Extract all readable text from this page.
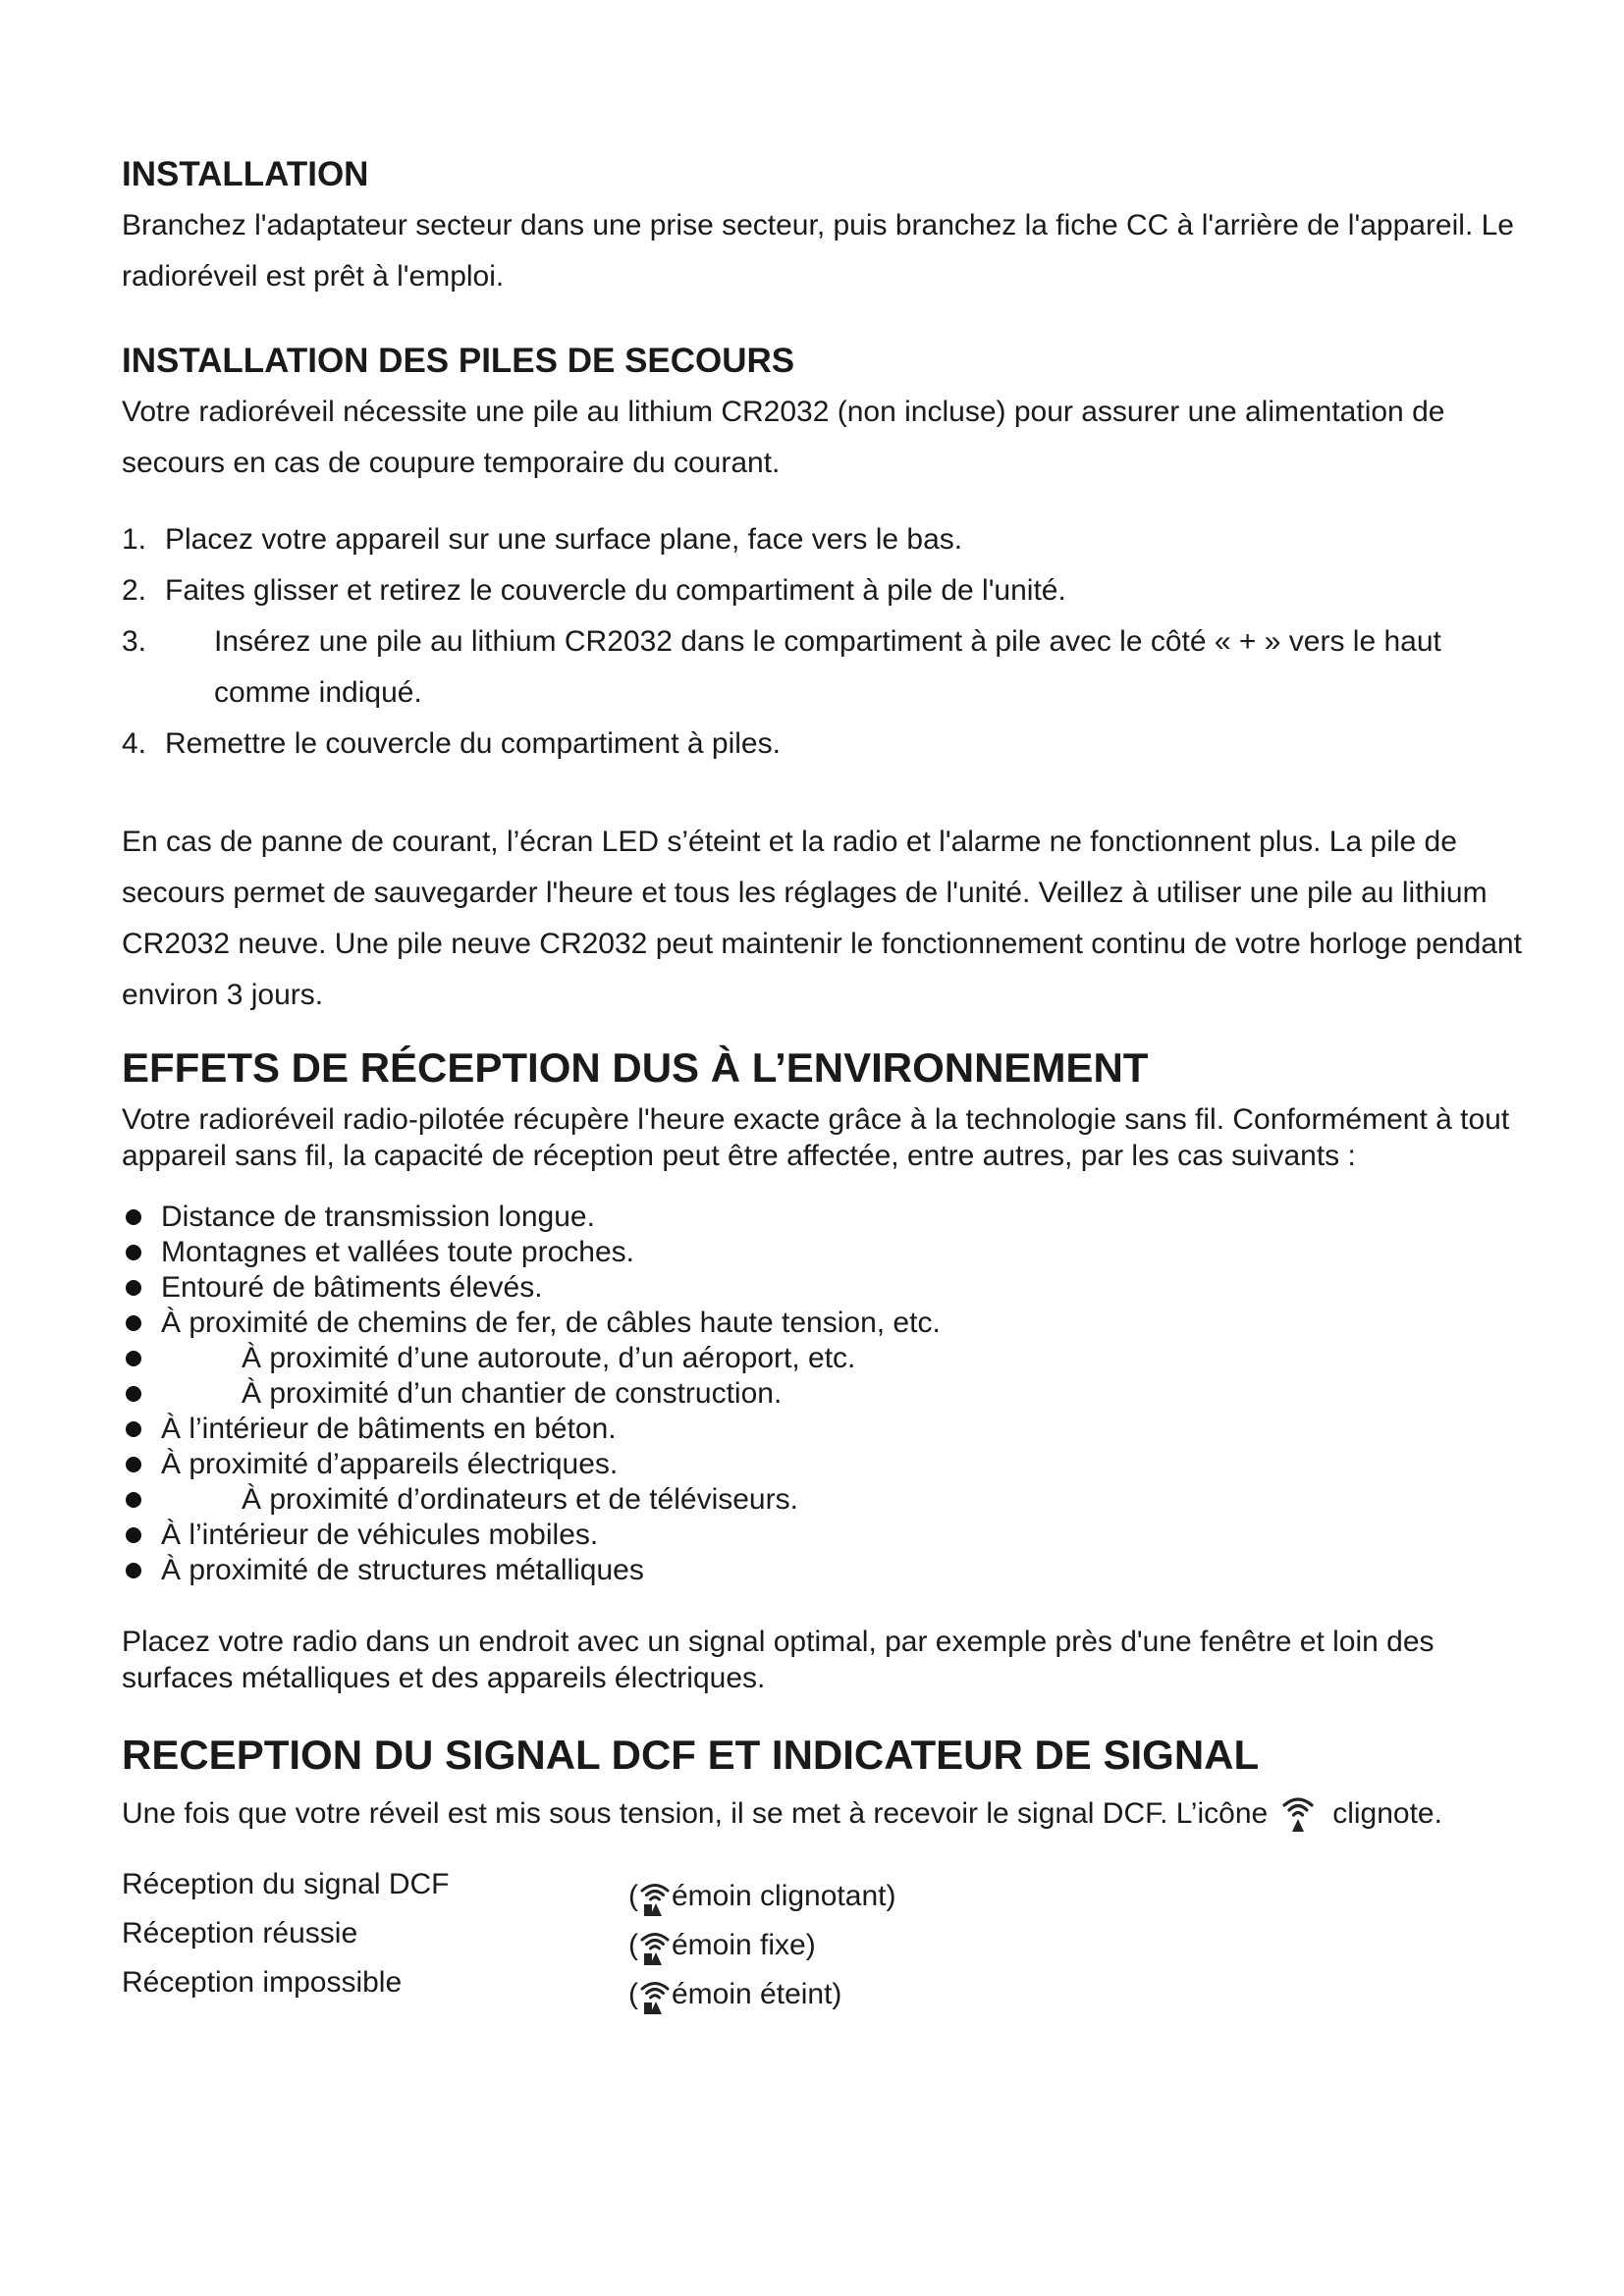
INSTALLATION

Branchez l'adaptateur secteur dans une prise secteur, puis branchez la fiche CC à l'arrière de l'appareil. Le radioréveil est prêt à l'emploi.

INSTALLATION DES PILES DE SECOURS

Votre radioréveil nécessite une pile au lithium CR2032 (non incluse) pour assurer une alimentation de secours en cas de coupure temporaire du courant.

1. Placez votre appareil sur une surface plane, face vers le bas.
2. Faites glisser et retirez le couvercle du compartiment à pile de l'unité.
3.	Insérez une pile au lithium CR2032 dans le compartiment à pile avec le côté « + » vers le haut comme indiqué.
4. Remettre le couvercle du compartiment à piles.

En cas de panne de courant, l’écran LED s’éteint et la radio et l'alarme ne fonctionnent plus. La pile de secours permet de sauvegarder l'heure et tous les réglages de l'unité. Veillez à utiliser une pile au lithium CR2032 neuve. Une pile neuve CR2032 peut maintenir le fonctionnement continu de votre horloge pendant environ 3 jours.

EFFETS DE RÉCEPTION DUS À L’ENVIRONNEMENT

Votre radioréveil radio-pilotée récupère l'heure exacte grâce à la technologie sans fil. Conformément à tout appareil sans fil, la capacité de réception peut être affectée, entre autres, par les cas suivants :

Distance de transmission longue.
Montagnes et vallées toute proches.
Entouré de bâtiments élevés.
À proximité de chemins de fer, de câbles haute tension, etc.
À proximité d’une autoroute, d’un aéroport, etc.
À proximité d’un chantier de construction.
À l’intérieur de bâtiments en béton.
À proximité d’appareils électriques.
À proximité d’ordinateurs et de téléviseurs.
À l’intérieur de véhicules mobiles.
À proximité de structures métalliques

Placez votre radio dans un endroit avec un signal optimal, par exemple près d'une fenêtre et loin des surfaces métalliques et des appareils électriques.

RECEPTION DU SIGNAL DCF ET INDICATEUR DE SIGNAL
Une fois que votre réveil est mis sous tension, il se met à recevoir le signal DCF. L’icône clignote.
Réception du signal DCF	( émoin clignotant)
Réception réussie	( émoin fixe)
Réception impossible	( émoin éteint)
